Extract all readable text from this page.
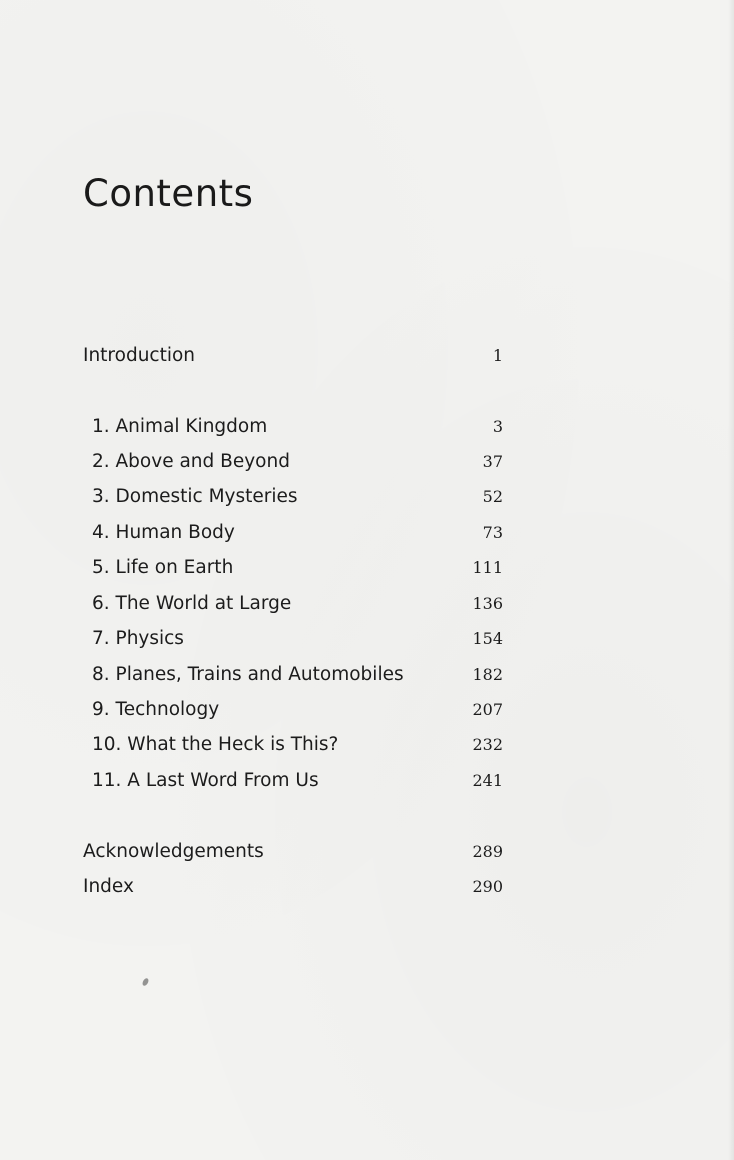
Contents
Introduction	1
1. Animal Kingdom	3
2. Above and Beyond	37
3. Domestic Mysteries	52
4. Human Body	73
5. Life on Earth	111
6. The World at Large	136
7. Physics	154
8. Planes, Trains and Automobiles	182
9. Technology	207
10. What the Heck is This?	232
11. A Last Word From Us	241
Acknowledgements	289
Index	290
